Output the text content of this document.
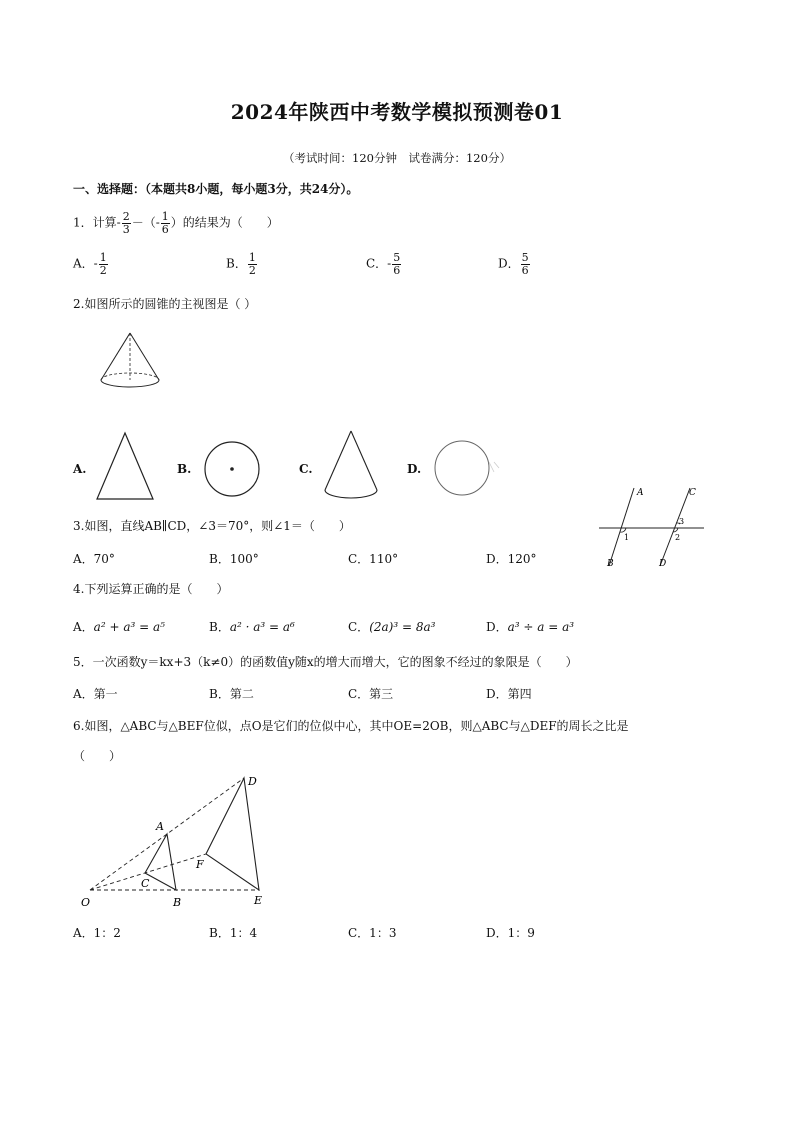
2024年陕西中考数学模拟预测卷01
（考试时间：120分钟　试卷满分：120分）
一、选择题：（本题共8小题，每小题3分，共24分）。
1．计算- $\frac{2}{3}$ －（- $\frac{1}{6}$ ）的结果为（　　）
A．- $\frac{1}{2}$	B． $\frac{1}{2}$	C．- $\frac{5}{6}$	D． $\frac{5}{6}$
2.如图所示的圆锥的主视图是（ ）
A.	B.	C.	D.
3.如图，直线AB∥CD，∠3＝70°，则∠1＝（　　）
A．70°	B．100°	C．110°	D．120°
A	C
B	D
1	2
3
4.下列运算正确的是（　　）
A．a² + a³ = a⁵	B．a² · a³ = a⁶	C．(2a)³ = 8a³	D．a³ ÷ a = a³
5．一次函数y＝kx+3（k≠0）的函数值y随x的增大而增大，它的图象不经过的象限是（　　）
A．第一	B．第二	C．第三	D．第四
6.如图，△ABC与△BEF位似，点O是它们的位似中心，其中OE=2OB，则△ABC与△DEF的周长之比是
（　　）
O
A
B
C
D
E
F
A．1：2	B．1：4	C．1：3	D．1：9
